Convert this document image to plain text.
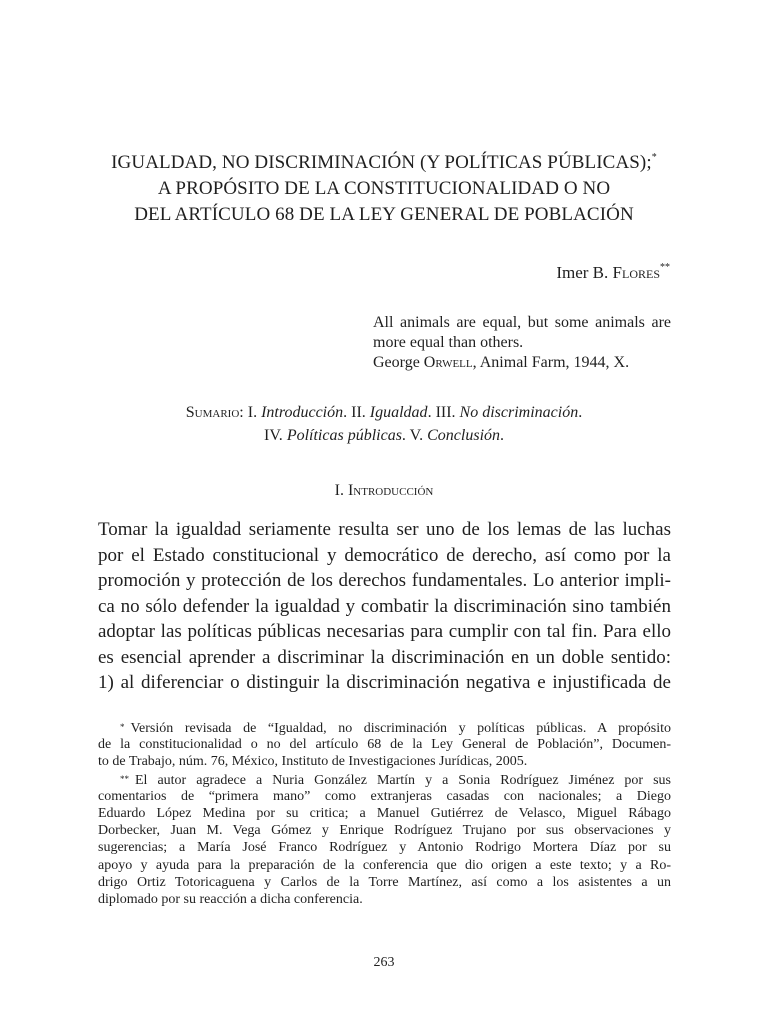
IGUALDAD, NO DISCRIMINACIÓN (Y POLÍTICAS PÚBLICAS);*
A PROPÓSITO DE LA CONSTITUCIONALIDAD O NO
DEL ARTÍCULO 68 DE LA LEY GENERAL DE POBLACIÓN
Imer B. Flores**
All animals are equal, but some animals are more equal than others.
George Orwell, Animal Farm, 1944, X.
Sumario: I. Introducción. II. Igualdad. III. No discriminación.
IV. Políticas públicas. V. Conclusión.
I. Introducción
Tomar la igualdad seriamente resulta ser uno de los lemas de las luchas
por el Estado constitucional y democrático de derecho, así como por la
promoción y protección de los derechos fundamentales. Lo anterior impli-
ca no sólo defender la igualdad y combatir la discriminación sino también
adoptar las políticas públicas necesarias para cumplir con tal fin. Para ello
es esencial aprender a discriminar la discriminación en un doble sentido:
1) al diferenciar o distinguir la discriminación negativa e injustificada de
* Versión revisada de “Igualdad, no discriminación y políticas públicas. A propósito
de la constitucionalidad o no del artículo 68 de la Ley General de Población”, Documen-
to de Trabajo, núm. 76, México, Instituto de Investigaciones Jurídicas, 2005.
** El autor agradece a Nuria González Martín y a Sonia Rodríguez Jiménez por sus
comentarios de “primera mano” como extranjeras casadas con nacionales; a Diego
Eduardo López Medina por su critica; a Manuel Gutiérrez de Velasco, Miguel Rábago
Dorbecker, Juan M. Vega Gómez y Enrique Rodríguez Trujano por sus observaciones y
sugerencias; a María José Franco Rodríguez y Antonio Rodrigo Mortera Díaz por su
apoyo y ayuda para la preparación de la conferencia que dio origen a este texto; y a Ro-
drigo Ortiz Totoricaguena y Carlos de la Torre Martínez, así como a los asistentes a un
diplomado por su reacción a dicha conferencia.
263
